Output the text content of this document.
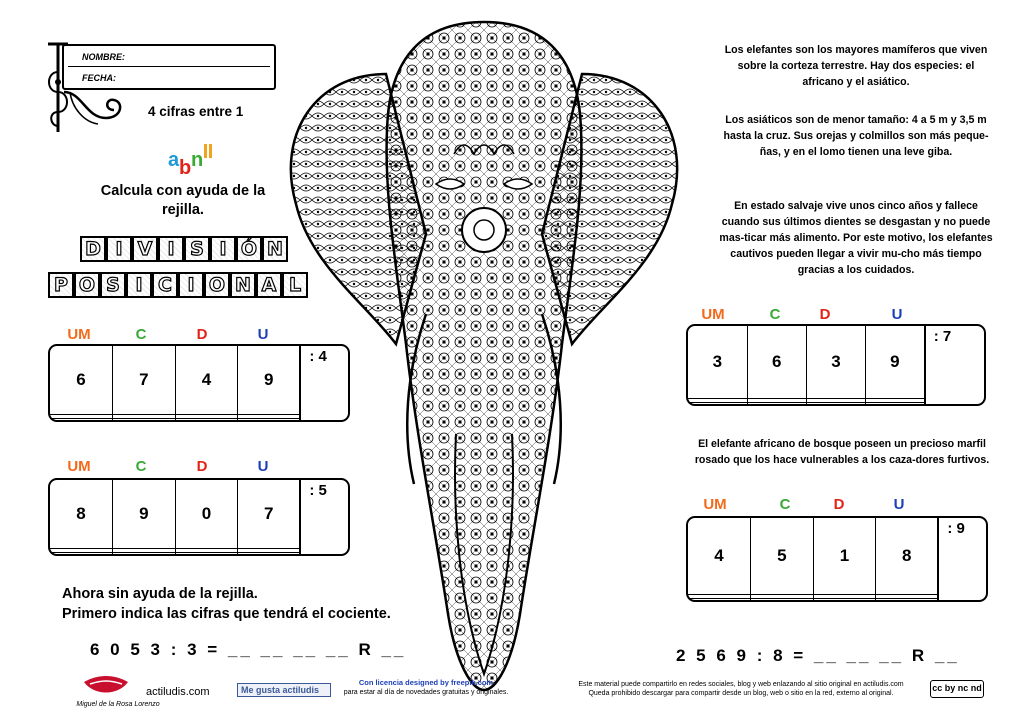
NOMBRE:
FECHA:
4 cifras entre 1
a b n
Calcula con ayuda de la rejilla.
D I V I S I Ó N
P O S I C I O N A L
UM	C	D	U
6	7	4	9	: 4

UM	C	D	U
8	9	0	7	: 5

Los elefantes son los mayores mamíferos que viven sobre la corteza terrestre. Hay dos especies: el africano y el asiático.
Los asiáticos son de menor tamaño: 4 a 5 m y 3,5 m hasta la cruz. Sus orejas y colmillos son más peque-ñas, y en el lomo tienen una leve giba.
En estado salvaje vive unos cinco años y fallece cuando sus últimos dientes se desgastan y no puede mas-ticar más alimento. Por este motivo, los elefantes cautivos pueden llegar a vivir mu-cho más tiempo gracias a los cuidados.
UM	C	D	U
3	6	3	9	: 7

El elefante africano de bosque poseen un precioso marfil rosado que los hace vulnerables a los caza-dores furtivos.
UM	C	D	U
4	5	1	8	: 9

Ahora sin ayuda de la rejilla.
Primero indica las cifras que tendrá el cociente.
6 0 5 3 : 3 = __ __ __ __ R __	2 5 6 9 : 8 = __ __ __ R __
Miguel de la Rosa Lorenzo
actiludis.com	Me gusta actiludis
Con licencia designed by freepik.com
para estar al día de novedades gratuitas y originales.
Este material puede compartirlo en redes sociales, blog y web enlazando al sitio original en actiludis.com
Queda prohibido descargar para compartir desde un blog, web o sitio en la red, externo al original.
cc by nc nd
